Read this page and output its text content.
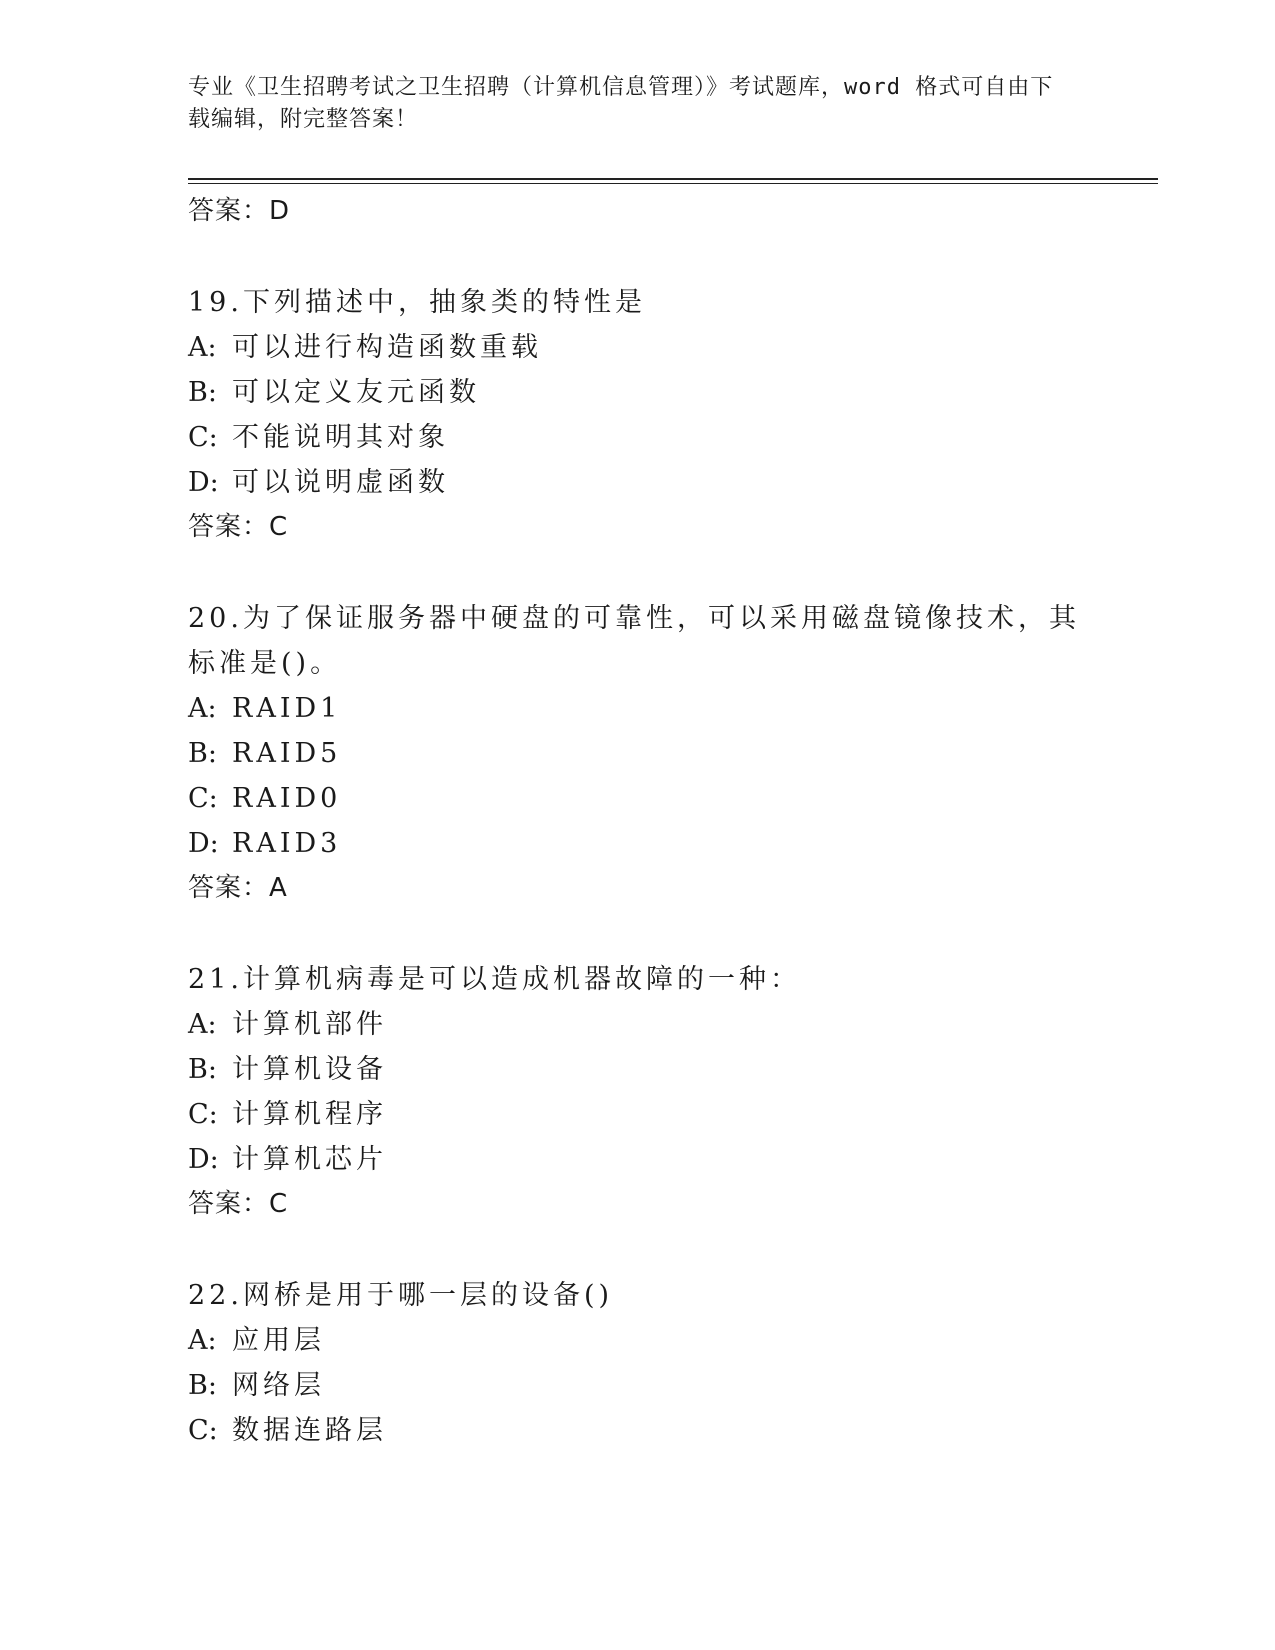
专业《卫生招聘考试之卫生招聘（计算机信息管理）》考试题库，word 格式可自由下载编辑，附完整答案！
答案：D
19.下列描述中，抽象类的特性是
A: 可以进行构造函数重载
B: 可以定义友元函数
C: 不能说明其对象
D: 可以说明虚函数
答案：C
20.为了保证服务器中硬盘的可靠性，可以采用磁盘镜像技术，其标准是()。
A: RAID1
B: RAID5
C: RAID0
D: RAID3
答案：A
21.计算机病毒是可以造成机器故障的一种：
A: 计算机部件
B: 计算机设备
C: 计算机程序
D: 计算机芯片
答案：C
22.网桥是用于哪一层的设备()
A: 应用层
B: 网络层
C: 数据连路层
